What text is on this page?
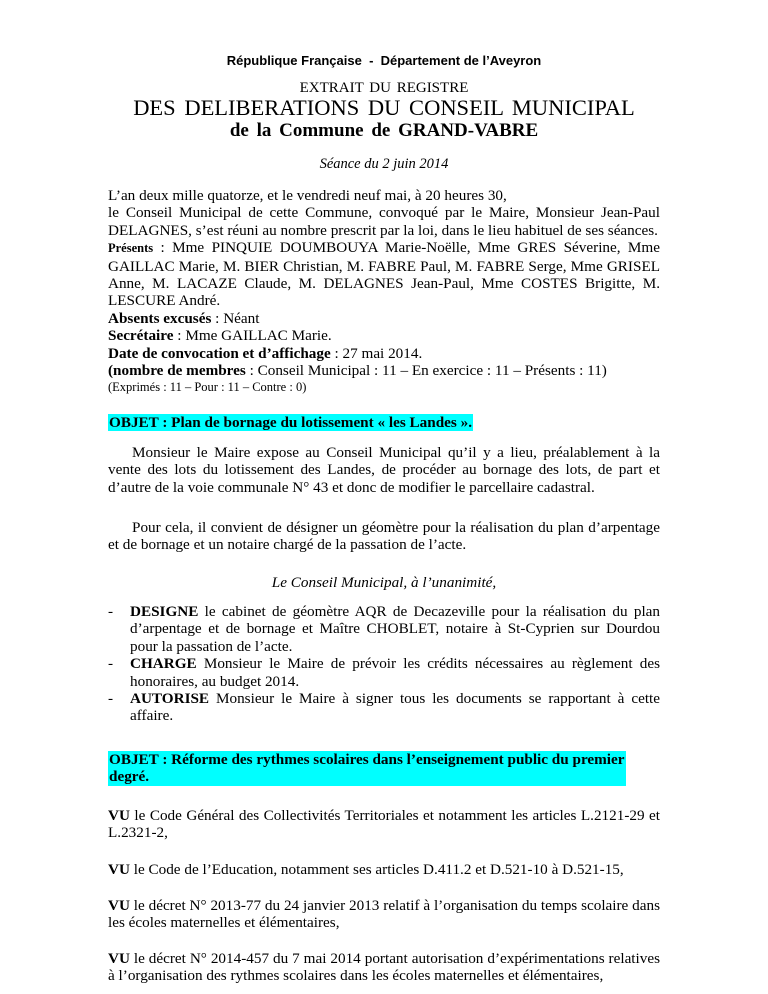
République Française  -  Département de l’Aveyron
EXTRAIT DU REGISTRE
DES DELIBERATIONS DU CONSEIL MUNICIPAL
de la Commune de GRAND-VABRE
Séance du 2 juin 2014

L’an deux mille quatorze, et le vendredi neuf mai, à 20 heures 30,

le Conseil Municipal de cette Commune, convoqué par le Maire, Monsieur Jean-Paul DELAGNES, s’est réuni au nombre prescrit par la loi, dans le lieu habituel de ses séances.

Présents : Mme PINQUIE DOUMBOUYA Marie-Noëlle, Mme GRES Séverine, Mme GAILLAC Marie, M. BIER Christian, M. FABRE Paul, M. FABRE Serge, Mme GRISEL Anne, M. LACAZE Claude, M. DELAGNES Jean-Paul, Mme COSTES Brigitte, M. LESCURE André.

Absents excusés : Néant

Secrétaire : Mme GAILLAC Marie.

Date de convocation et d’affichage : 27 mai 2014.

(nombre de membres : Conseil Municipal : 11 – En exercice : 11 – Présents : 11)

(Exprimés : 11 – Pour : 11 – Contre : 0)

OBJET : Plan de bornage du lotissement « les Landes ».

Monsieur le Maire expose au Conseil Municipal qu’il y a lieu, préalablement à la vente des lots du lotissement des Landes, de procéder au bornage des lots, de part et d’autre de la voie communale N° 43 et donc de modifier le parcellaire cadastral.

Pour cela, il convient de désigner un géomètre pour la réalisation du plan d’arpentage et de bornage et un notaire chargé de la passation de l’acte.

Le Conseil Municipal, à l’unanimité,
- DESIGNE le cabinet de géomètre AQR de Decazeville pour la réalisation du plan d’arpentage et de bornage et Maître CHOBLET, notaire à St-Cyprien sur Dourdou pour la passation de l’acte.
- CHARGE Monsieur le Maire de prévoir les crédits nécessaires au règlement des honoraires, au budget 2014.
- AUTORISE Monsieur le Maire à signer tous les documents se rapportant à cette affaire.
OBJET : Réforme des rythmes scolaires dans l’enseignement public du premier
degré.

VU le Code Général des Collectivités Territoriales et notamment les articles L.2121-29 et L.2321-2,

VU le Code de l’Education, notamment ses articles D.411.2 et D.521-10 à D.521-15,

VU le décret N° 2013-77 du 24 janvier 2013 relatif à l’organisation du temps scolaire dans les écoles maternelles et élémentaires,

VU le décret N° 2014-457 du 7 mai 2014 portant autorisation d’expérimentations relatives à l’organisation des rythmes scolaires dans les écoles maternelles et élémentaires,
